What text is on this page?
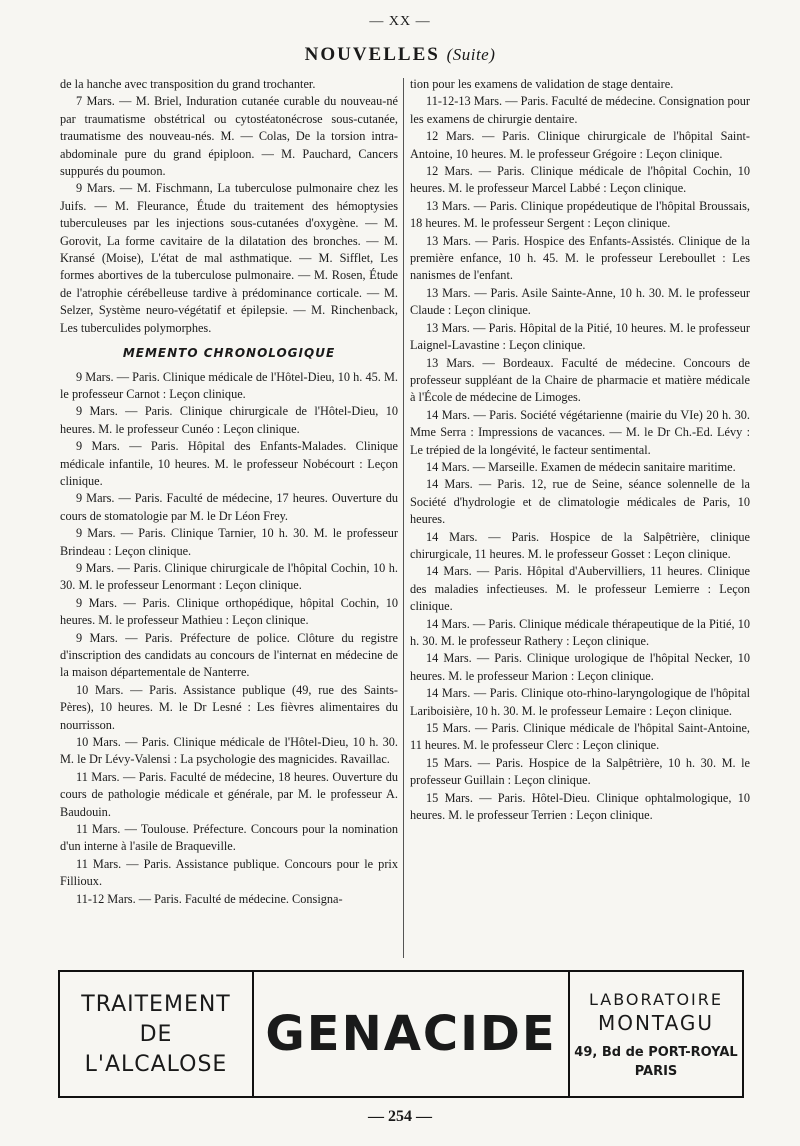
— XX —
NOUVELLES (Suite)

de la hanche avec transposition du grand trochanter.

7 Mars. — M. Briel, Induration cutanée curable du nouveau-né par traumatisme obstétrical ou cytostéatonécrose sous-cutanée, traumatisme des nouveau-nés. M. — Colas, De la torsion intra-abdominale pure du grand épiploon. — M. Pauchard, Cancers suppurés du poumon.

9 Mars. — M. Fischmann, La tuberculose pulmonaire chez les Juifs. — M. Fleurance, Étude du traitement des hémoptysies tuberculeuses par les injections sous-cutanées d'oxygène. — M. Gorovit, La forme cavitaire de la dilatation des bronches. — M. Kransé (Moise), L'état de mal asthmatique. — M. Sifflet, Les formes abortives de la tuberculose pulmonaire. — M. Rosen, Étude de l'atrophie cérébelleuse tardive à prédominance corticale. — M. Selzer, Système neuro-végétatif et épilepsie. — M. Rinchenback, Les tuberculides polymorphes.

MEMENTO CHRONOLOGIQUE

9 Mars. — Paris. Clinique médicale de l'Hôtel-Dieu, 10 h. 45. M. le professeur Carnot : Leçon clinique.

9 Mars. — Paris. Clinique chirurgicale de l'Hôtel-Dieu, 10 heures. M. le professeur Cunéo : Leçon clinique.

9 Mars. — Paris. Hôpital des Enfants-Malades. Clinique médicale infantile, 10 heures. M. le professeur Nobécourt : Leçon clinique.

9 Mars. — Paris. Faculté de médecine, 17 heures. Ouverture du cours de stomatologie par M. le Dr Léon Frey.

9 Mars. — Paris. Clinique Tarnier, 10 h. 30. M. le professeur Brindeau : Leçon clinique.

9 Mars. — Paris. Clinique chirurgicale de l'hôpital Cochin, 10 h. 30. M. le professeur Lenormant : Leçon clinique.

9 Mars. — Paris. Clinique orthopédique, hôpital Cochin, 10 heures. M. le professeur Mathieu : Leçon clinique.

9 Mars. — Paris. Préfecture de police. Clôture du registre d'inscription des candidats au concours de l'internat en médecine de la maison départementale de Nanterre.

10 Mars. — Paris. Assistance publique (49, rue des Saints-Pères), 10 heures. M. le Dr Lesné : Les fièvres alimentaires du nourrisson.

10 Mars. — Paris. Clinique médicale de l'Hôtel-Dieu, 10 h. 30. M. le Dr Lévy-Valensi : La psychologie des magnicides. Ravaillac.

11 Mars. — Paris. Faculté de médecine, 18 heures. Ouverture du cours de pathologie médicale et générale, par M. le professeur A. Baudouin.

11 Mars. — Toulouse. Préfecture. Concours pour la nomination d'un interne à l'asile de Braqueville.

11 Mars. — Paris. Assistance publique. Concours pour le prix Fillioux.

11-12 Mars. — Paris. Faculté de médecine. Consigna-

tion pour les examens de validation de stage dentaire.

11-12-13 Mars. — Paris. Faculté de médecine. Consignation pour les examens de chirurgie dentaire.

12 Mars. — Paris. Clinique chirurgicale de l'hôpital Saint-Antoine, 10 heures. M. le professeur Grégoire : Leçon clinique.

12 Mars. — Paris. Clinique médicale de l'hôpital Cochin, 10 heures. M. le professeur Marcel Labbé : Leçon clinique.

13 Mars. — Paris. Clinique propédeutique de l'hôpital Broussais, 18 heures. M. le professeur Sergent : Leçon clinique.

13 Mars. — Paris. Hospice des Enfants-Assistés. Clinique de la première enfance, 10 h. 45. M. le professeur Lereboullet : Les nanismes de l'enfant.

13 Mars. — Paris. Asile Sainte-Anne, 10 h. 30. M. le professeur Claude : Leçon clinique.

13 Mars. — Paris. Hôpital de la Pitié, 10 heures. M. le professeur Laignel-Lavastine : Leçon clinique.

13 Mars. — Bordeaux. Faculté de médecine. Concours de professeur suppléant de la Chaire de pharmacie et matière médicale à l'École de médecine de Limoges.

14 Mars. — Paris. Société végétarienne (mairie du VIe) 20 h. 30. Mme Serra : Impressions de vacances. — M. le Dr Ch.-Ed. Lévy : Le trépied de la longévité, le facteur sentimental.

14 Mars. — Marseille. Examen de médecin sanitaire maritime.

14 Mars. — Paris. 12, rue de Seine, séance solennelle de la Société d'hydrologie et de climatologie médicales de Paris, 10 heures.

14 Mars. — Paris. Hospice de la Salpêtrière, clinique chirurgicale, 11 heures. M. le professeur Gosset : Leçon clinique.

14 Mars. — Paris. Hôpital d'Aubervilliers, 11 heures. Clinique des maladies infectieuses. M. le professeur Lemierre : Leçon clinique.

14 Mars. — Paris. Clinique médicale thérapeutique de la Pitié, 10 h. 30. M. le professeur Rathery : Leçon clinique.

14 Mars. — Paris. Clinique urologique de l'hôpital Necker, 10 heures. M. le professeur Marion : Leçon clinique.

14 Mars. — Paris. Clinique oto-rhino-laryngologique de l'hôpital Lariboisière, 10 h. 30. M. le professeur Lemaire : Leçon clinique.

15 Mars. — Paris. Clinique médicale de l'hôpital Saint-Antoine, 11 heures. M. le professeur Clerc : Leçon clinique.

15 Mars. — Paris. Hospice de la Salpêtrière, 10 h. 30. M. le professeur Guillain : Leçon clinique.

15 Mars. — Paris. Hôtel-Dieu. Clinique ophtalmologique, 10 heures. M. le professeur Terrien : Leçon clinique.

TRAITEMENT
DE
L'ALCALOSE
GENACIDE
LABORATOIRE
MONTAGU
49, Bd de PORT-ROYAL
PARIS
— 254 —
